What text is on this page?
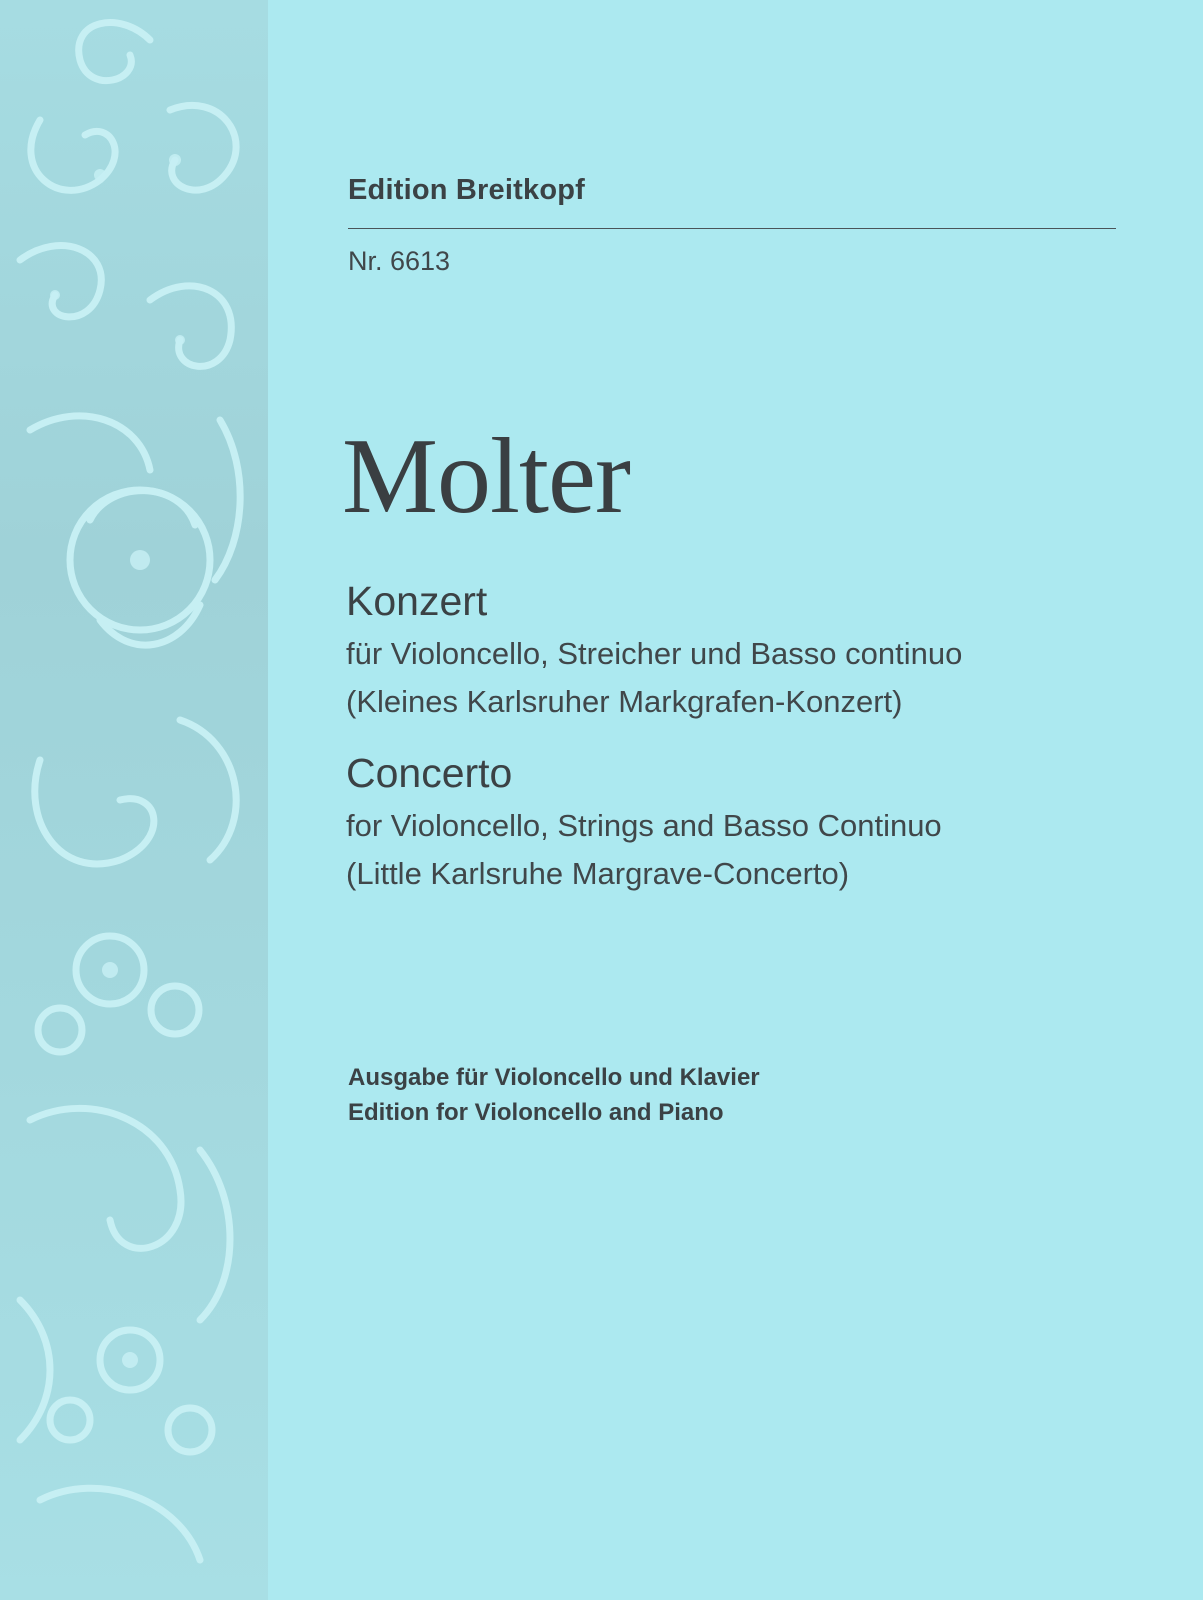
Edition Breitkopf
Nr. 6613
Molter
Konzert
für Violoncello, Streicher und Basso continuo
(Kleines Karlsruher Markgrafen-Konzert)
Concerto
for Violoncello, Strings and Basso Continuo
(Little Karlsruhe Margrave-Concerto)
Ausgabe für Violoncello und Klavier
Edition for Violoncello and Piano
